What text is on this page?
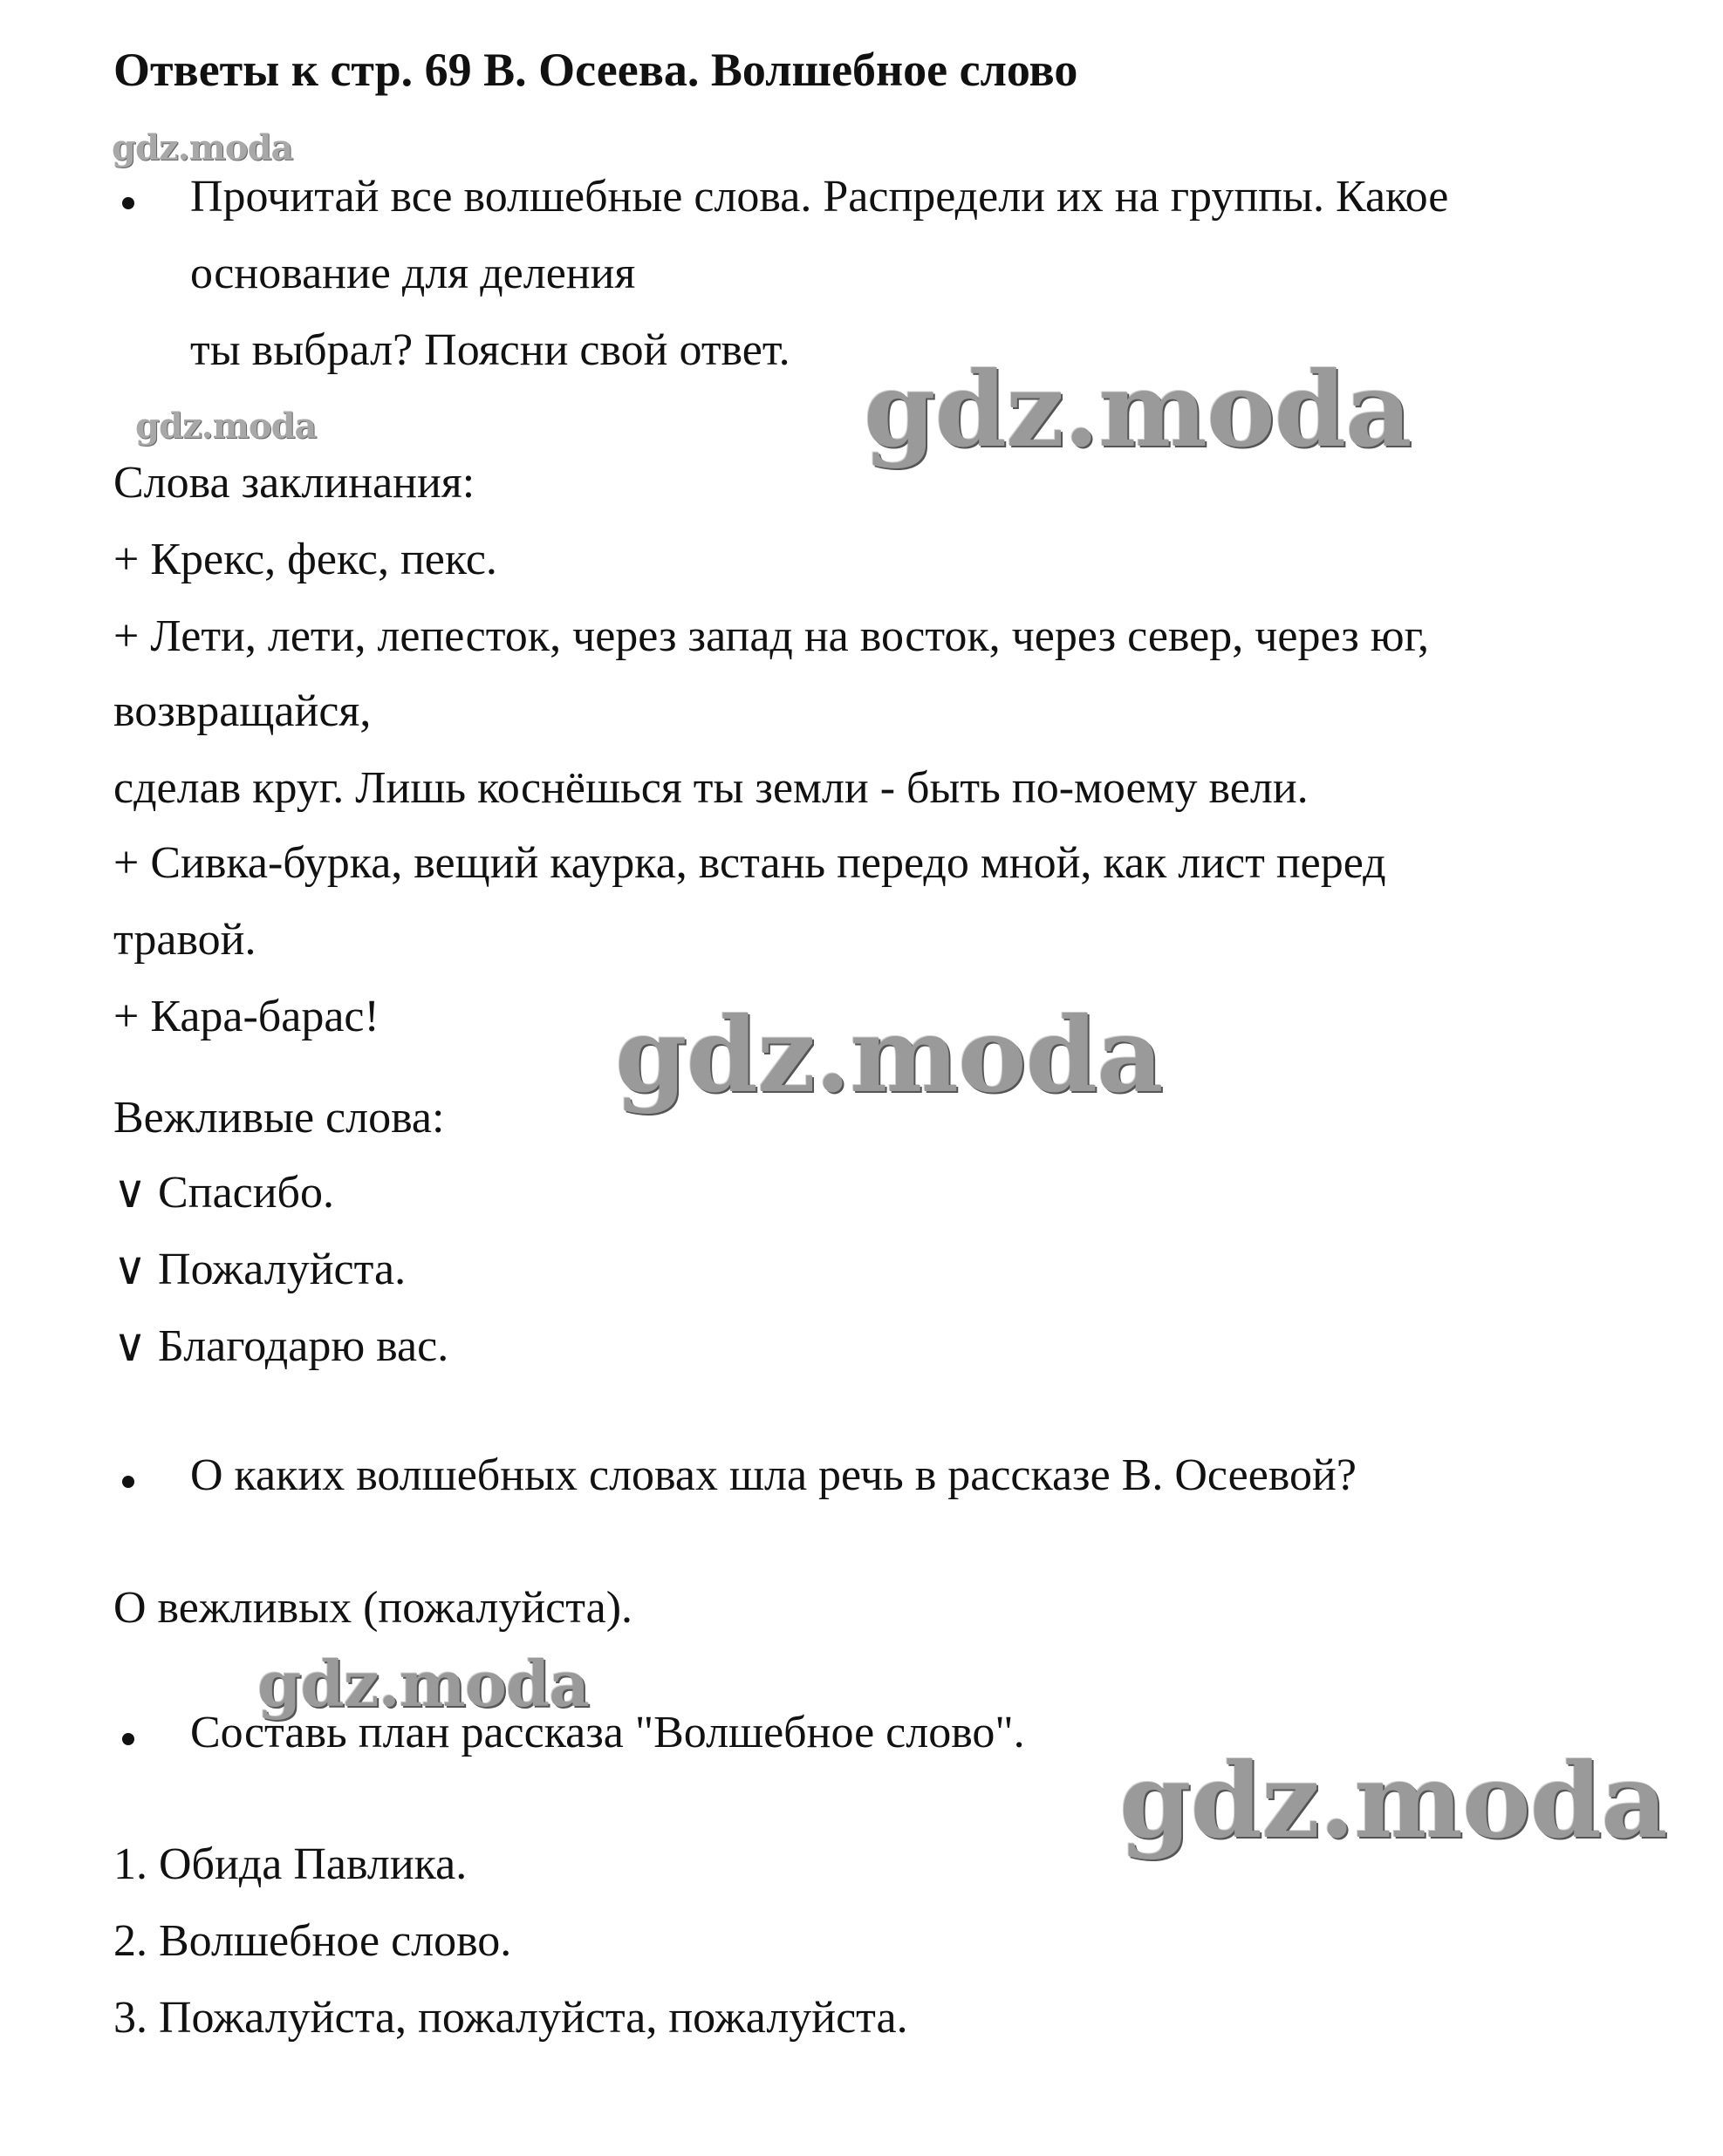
Ответы к стр. 69 В. Осеева. Волшебное слово
gdz.moda
gdz.moda	gdz.moda
gdz.moda
gdz.moda
gdz.moda
Прочитай все волшебные слова. Распредели их на группы. Какое
основание для деления
ты выбрал? Поясни свой ответ.
Слова заклинания:
+ Крекс, фекс, пекс.
+ Лети, лети, лепесток, через запад на восток, через север, через юг,
возвращайся,
сделав круг. Лишь коснёшься ты земли - быть по-моему вели.
+ Сивка-бурка, вещий каурка, встань передо мной, как лист перед
травой.
+ Кара-барас!
Вежливые слова:
∨ Спасибо.
∨ Пожалуйста.
∨ Благодарю вас.
О каких волшебных словах шла речь в рассказе В. Осеевой?
О вежливых (пожалуйста).
Составь план рассказа "Волшебное слово".
1. Обида Павлика.
2. Волшебное слово.
3. Пожалуйста, пожалуйста, пожалуйста.
